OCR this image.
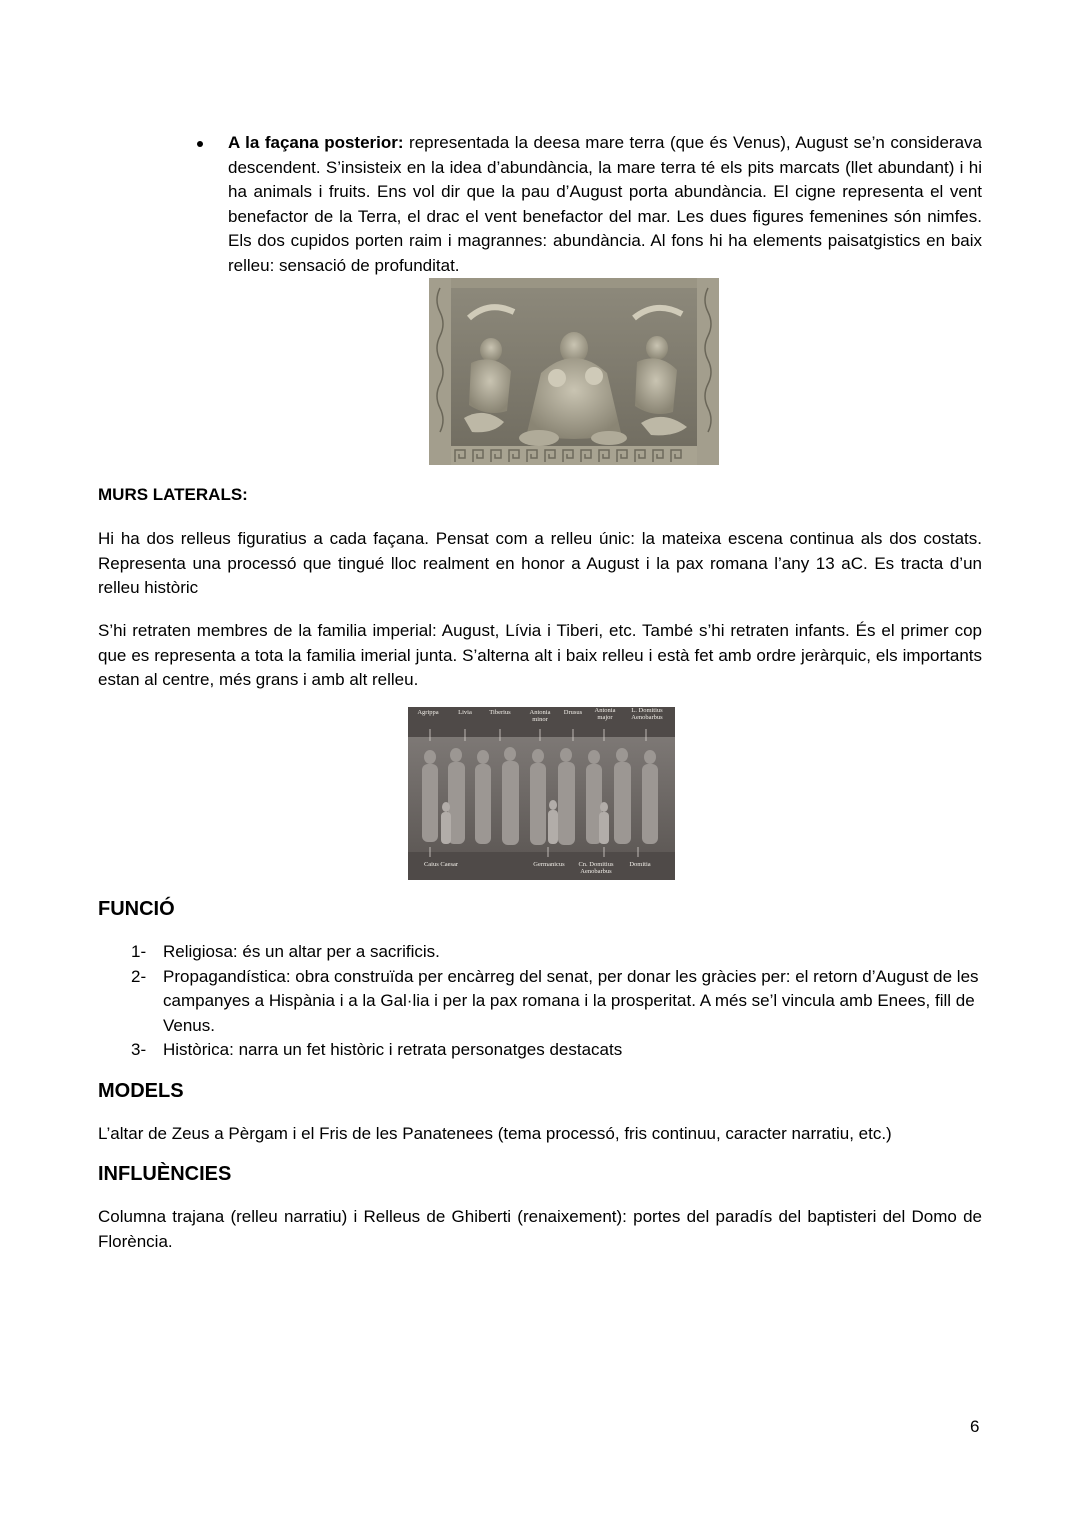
A la façana posterior: representada la deesa mare terra (que és Venus), August se’n considerava descendent. S’insisteix en la idea d’abundància, la mare terra té els pits marcats (llet abundant) i hi ha animals i fruits. Ens vol dir que la pau d’August porta abundància. El cigne representa el vent benefactor de la Terra, el drac el vent benefactor del mar. Les dues figures femenines són nimfes. Els dos cupidos porten raim i magrannes: abundància. Al fons hi ha elements paisatgistics en baix relleu: sensació de profunditat.
MURS LATERALS:
Hi ha dos relleus figuratius a cada façana. Pensat com a relleu únic: la mateixa escena continua als dos costats. Representa una processó que tingué lloc realment en honor a August i la pax romana l’any 13 aC. Es tracta d’un relleu històric
S’hi retraten membres de la familia imperial: August, Lívia i Tiberi, etc. També s’hi retraten infants. És el primer cop que es representa a tota la familia imerial junta. S’alterna alt i baix relleu i està fet amb ordre jeràrquic, els importants estan al centre, més grans i amb alt relleu.
Agrippa	Livia	Tiberius	Antonia
minor
Drusus	Antonia
major
L. Domitius
Aenobarbus
Caius Caesar	Germanicus	Cn. Domitius
Aenobarbus
Domitia
FUNCIÓ
1- Religiosa: és un altar per a sacrificis.
2- Propagandística: obra construïda per encàrreg del senat, per donar les gràcies per: el retorn d’August de les campanyes a Hispània i a la Gal·lia i per la pax romana i la prosperitat. A més se’l vincula amb Enees, fill de Venus.
3- Històrica: narra un fet històric i retrata personatges destacats
MODELS
L’altar de Zeus a Pèrgam i el Fris de les Panatenees (tema processó, fris continuu, caracter narratiu, etc.)
INFLUÈNCIES
Columna trajana (relleu narratiu) i Relleus de Ghiberti (renaixement): portes del paradís del baptisteri del Domo de Florència.
6
